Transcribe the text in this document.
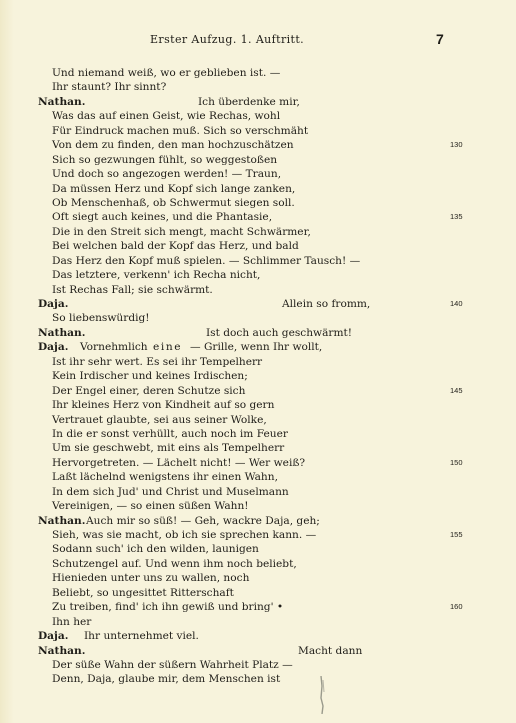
Erster Aufzug. 1. Auftritt.	7
Und niemand weiß, wo er geblieben ist. —
Ihr staunt? Ihr sinnt?
Nathan.	Ich überdenke mir,
Was das auf einen Geist, wie Rechas, wohl
Für Eindruck machen muß. Sich so verschmäht
Von dem zu finden, den man hochzuschätzen	130
Sich so gezwungen fühlt, so weggestoßen
Und doch so angezogen werden! — Traun,
Da müssen Herz und Kopf sich lange zanken,
Ob Menschenhaß, ob Schwermut siegen soll.
Oft siegt auch keines, und die Phantasie,	135
Die in den Streit sich mengt, macht Schwärmer,
Bei welchen bald der Kopf das Herz, und bald
Das Herz den Kopf muß spielen. — Schlimmer Tausch! —
Das letztere, verkenn' ich Recha nicht,
Ist Rechas Fall; sie schwärmt.
Daja.	Allein so fromm,	140
So liebenswürdig!
Nathan.	Ist doch auch geschwärmt!
Daja. Vornehmlich eine — Grille, wenn Ihr wollt,
Ist ihr sehr wert. Es sei ihr Tempelherr
Kein Irdischer und keines Irdischen;
Der Engel einer, deren Schutze sich	145
Ihr kleines Herz von Kindheit auf so gern
Vertrauet glaubte, sei aus seiner Wolke,
In die er sonst verhüllt, auch noch im Feuer
Um sie geschwebt, mit eins als Tempelherr
Hervorgetreten. — Lächelt nicht! — Wer weiß?	150
Laßt lächelnd wenigstens ihr einen Wahn,
In dem sich Jud' und Christ und Muselmann
Vereinigen, — so einen süßen Wahn!
Nathan. Auch mir so süß! — Geh, wackre Daja, geh;
Sieh, was sie macht, ob ich sie sprechen kann. —	155
Sodann such' ich den wilden, launigen
Schutzengel auf. Und wenn ihm noch beliebt,
Hienieden unter uns zu wallen, noch
Beliebt, so ungesittet Ritterschaft
Zu treiben, find' ich ihn gewiß und bring' •	160
Ihn her
Daja. Ihr unternehmet viel.
Nathan.	Macht dann
Der süße Wahn der süßern Wahrheit Platz —
Denn, Daja, glaube mir, dem Menschen ist
